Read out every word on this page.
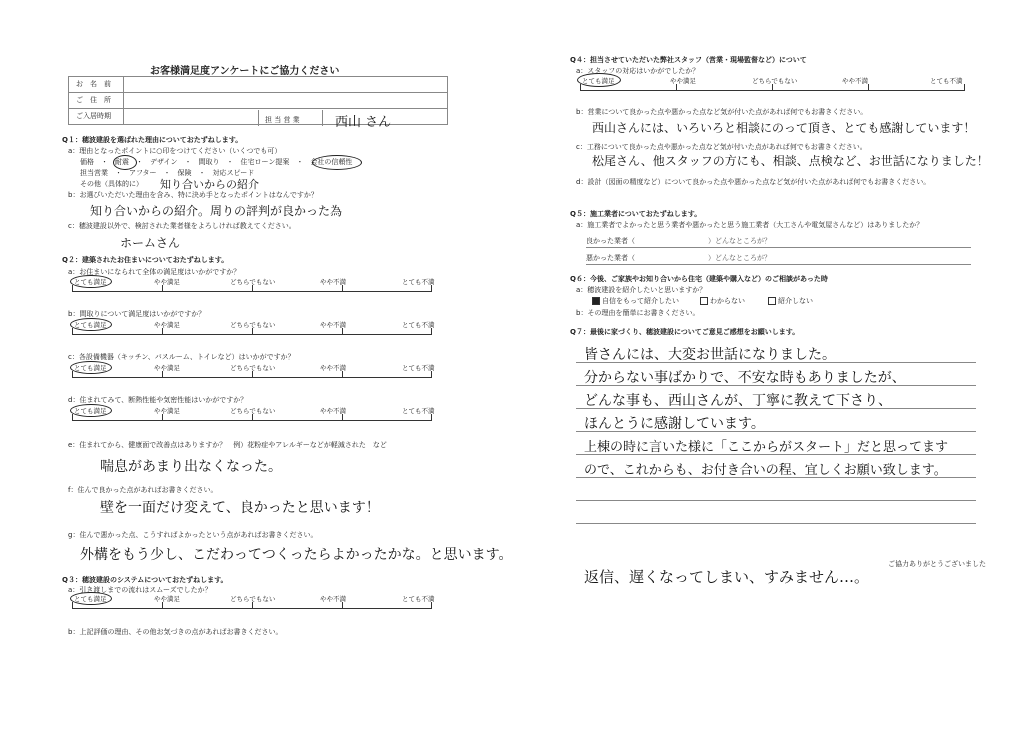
お客様満足度アンケートにご協力ください
お　名　前
ご　住　所
ご入居時期	担 当 営 業	西山 さん
Q１：穂波建設を選ばれた理由についておたずねします。
a：理由となったポイントに○印をつけてください（いくつでも可）
価格　・　耐震　・　デザイン　・　間取り　・　住宅ローン提案　・　会社の信頼性
担当営業　・　アフター　・　保険　・　対応スピード
その他（具体的に） 知り合いからの紹介
b：お選びいただいた理由を含み、特に決め手となったポイントはなんですか？
知り合いからの紹介。周りの評判が良かった為
c：穂波建設以外で、検討された業者様をよろしければ教えてください。
ホームさん
Q２：建築されたお住まいについておたずねします。
a：お住まいになられて全体の満足度はいかがですか？
とても満足	やや満足	どちらでもない	やや不満	とても不満
b：間取りについて満足度はいかがですか？
とても満足	やや満足	どちらでもない	やや不満	とても不満
c：各設備機器（キッチン、バスルーム、トイレなど）はいかがですか？
とても満足	やや満足	どちらでもない	やや不満	とても不満
d：住まれてみて、断熱性能や気密性能はいかがですか？
とても満足	やや満足	どちらでもない	やや不満	とても不満
e：住まれてから、健康面で改善点はありますか？　例）花粉症やアレルギーなどが軽減された　など
喘息があまり出なくなった。
f：住んで良かった点があればお書きください。
壁を一面だけ変えて、良かったと思います！
g：住んで悪かった点、こうすればよかったという点があればお書きください。
外構をもう少し、こだわってつくったらよかったかな。と思います。
Q３：穂波建設のシステムについておたずねします。
a：引き渡しまでの流れはスムーズでしたか？
とても満足	やや満足	どちらでもない	やや不満	とても不満
b：上記評価の理由、その他お気づきの点があればお書きください。
Q４：担当させていただいた弊社スタッフ（営業・現場監督など）について
a：スタッフの対応はいかがでしたか？
とても満足	やや満足	どちらでもない	やや不満	とても不満
b：営業について良かった点や悪かった点など気が付いた点があれば何でもお書きください。
西山さんには、いろいろと相談にのって頂き、とても感謝しています！
c：工務について良かった点や悪かった点など気が付いた点があれば何でもお書きください。
松尾さん、他スタッフの方にも、相談、点検など、お世話になりました！
d：設計（図面の精度など）について良かった点や悪かった点など気が付いた点があれば何でもお書きください。
Q５：施工業者についておたずねします。
a：施工業者でよかったと思う業者や悪かったと思う施工業者（大工さんや電気屋さんなど）はありましたか？
良かった業者（	）どんなところが？
悪かった業者（	）どんなところが？
Q６：今後、ご家族やお知り合いから住宅（建築や購入など）のご相談があった時
a：穂波建設を紹介したいと思いますか？
自信をもって紹介したい	わからない	紹介しない
b：その理由を簡単にお書きください。
Q７：最後に家づくり、穂波建設についてご意見ご感想をお願いします。
皆さんには、大変お世話になりました。
分からない事ばかりで、不安な時もありましたが、
どんな事も、西山さんが、丁寧に教えて下さり、
ほんとうに感謝しています。
上棟の時に言いた様に「ここからがスタート」だと思ってます
ので、これからも、お付き合いの程、宜しくお願い致します。
ご協力ありがとうございました
返信、遅くなってしまい、すみません…。
